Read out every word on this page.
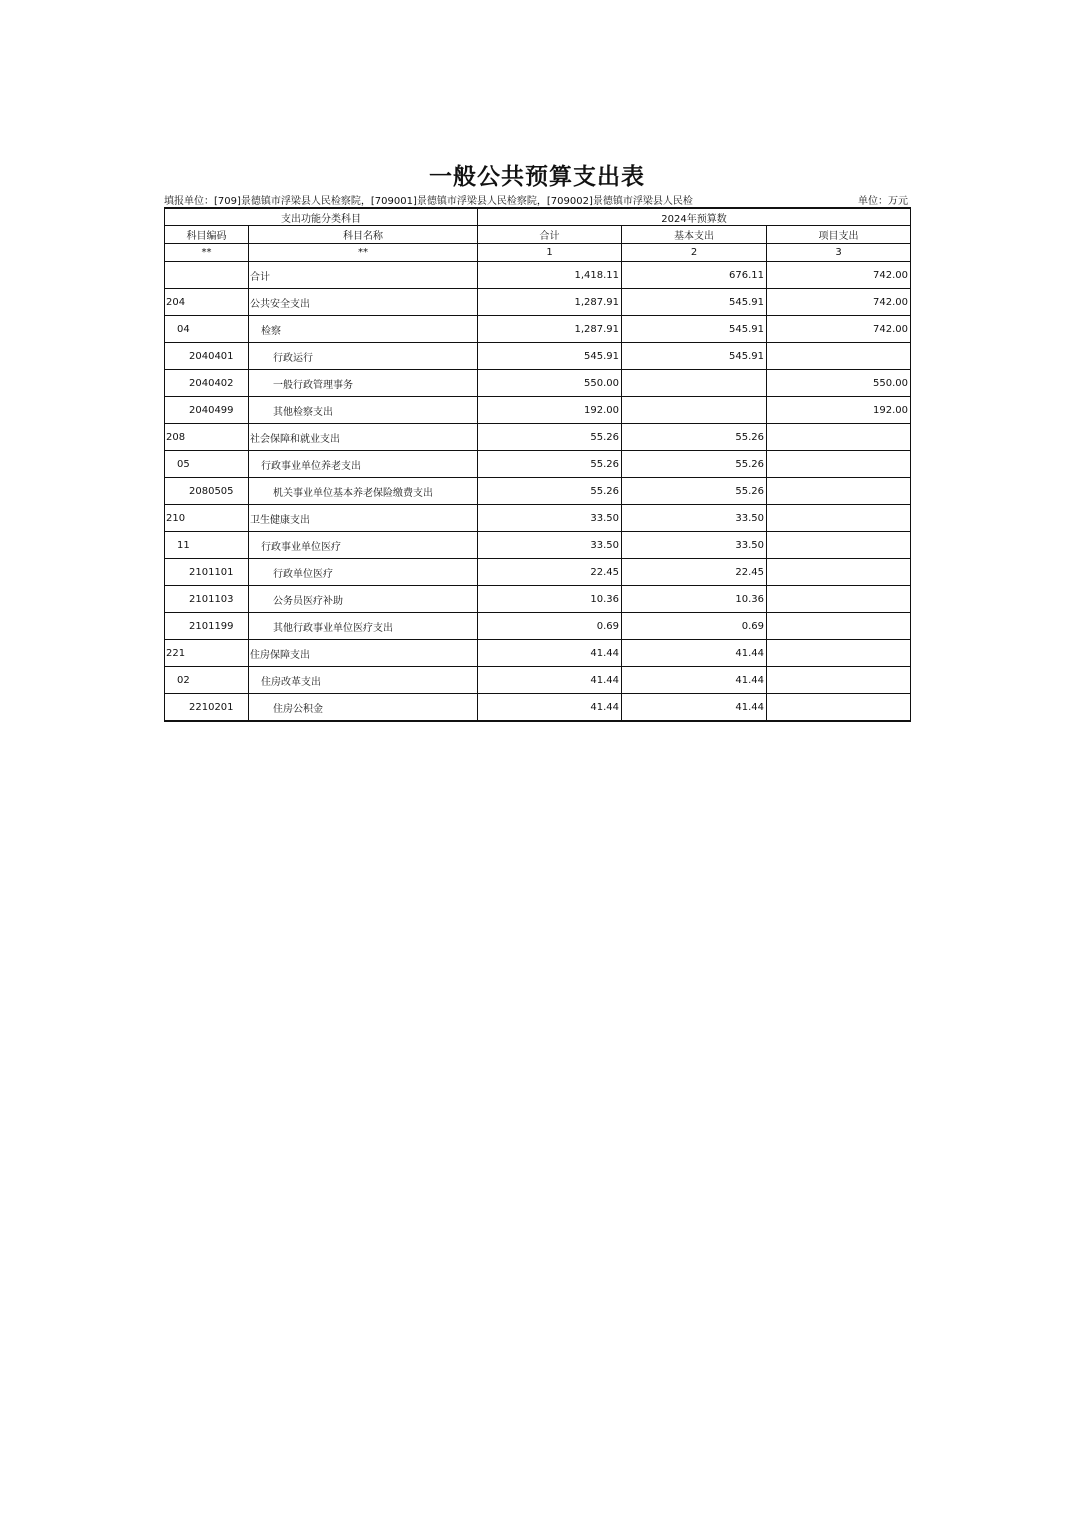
一般公共预算支出表
填报单位：[709]景德镇市浮梁县人民检察院，[709001]景德镇市浮梁县人民检察院，[709002]景德镇市浮梁县人民检	单位：万元
支出功能分类科目		2024年预算数		
科目编码	科目名称	合计	基本支出	项目支出
**	**	1	2	3
	合计	1,418.11	676.11	742.00
204	公共安全支出	1,287.91	545.91	742.00
04	检察	1,287.91	545.91	742.00
2040401	行政运行	545.91	545.91	
2040402	一般行政管理事务	550.00		550.00
2040499	其他检察支出	192.00		192.00
208	社会保障和就业支出	55.26	55.26	
05	行政事业单位养老支出	55.26	55.26	
2080505	机关事业单位基本养老保险缴费支出	55.26	55.26	
210	卫生健康支出	33.50	33.50	
11	行政事业单位医疗	33.50	33.50	
2101101	行政单位医疗	22.45	22.45	
2101103	公务员医疗补助	10.36	10.36	
2101199	其他行政事业单位医疗支出	0.69	0.69	
221	住房保障支出	41.44	41.44	
02	住房改革支出	41.44	41.44	
2210201	住房公积金	41.44	41.44	
